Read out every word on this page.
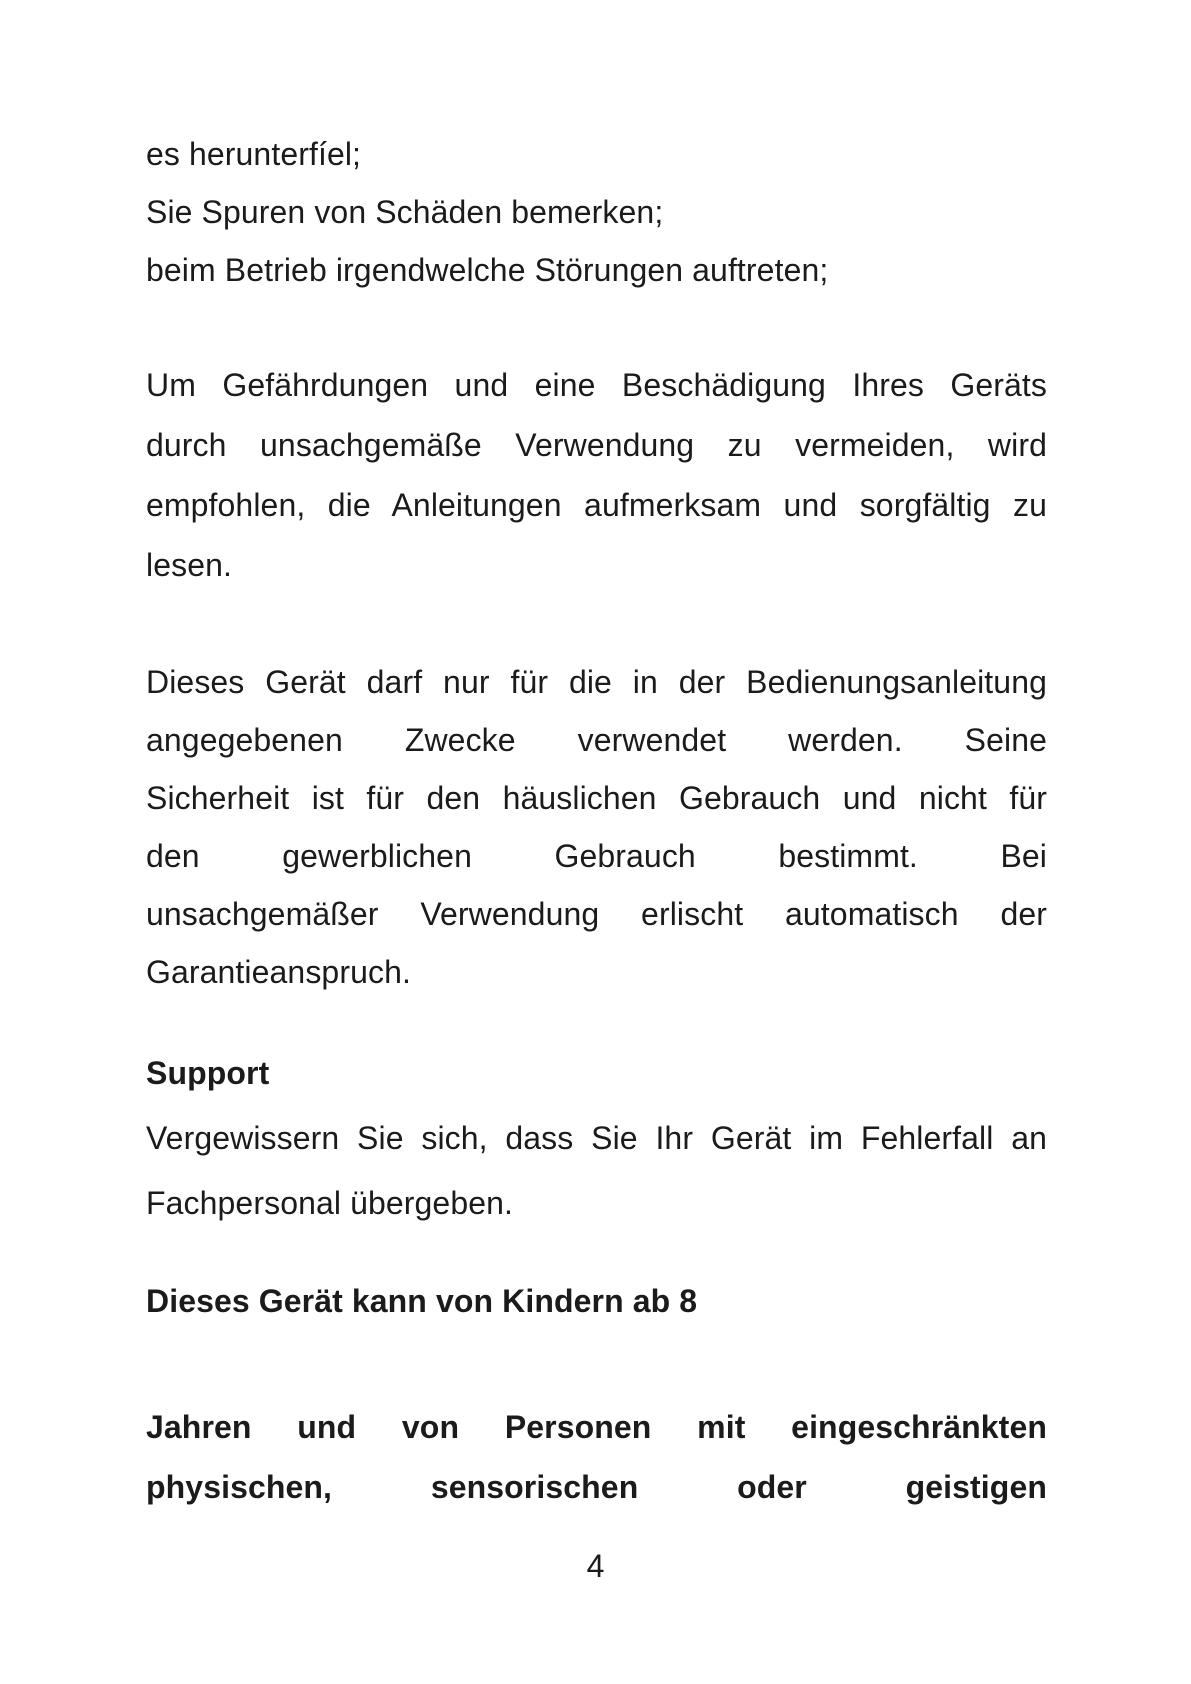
es herunterfíel;
Sie Spuren von Schäden bemerken;
beim Betrieb irgendwelche Störungen auftreten;
Um Gefährdungen und eine Beschädigung Ihres Geräts
durch unsachgemäße Verwendung zu vermeiden, wird
empfohlen, die Anleitungen aufmerksam und sorgfältig zu
lesen.
Dieses Gerät darf nur für die in der Bedienungsanleitung
angegebenen Zwecke verwendet werden. Seine
Sicherheit ist für den häuslichen Gebrauch und nicht für
den gewerblichen Gebrauch bestimmt. Bei
unsachgemäßer Verwendung erlischt automatisch der
Garantieanspruch.
Support
Vergewissern Sie sich, dass Sie Ihr Gerät im Fehlerfall an
Fachpersonal übergeben.
Dieses Gerät kann von Kindern ab 8
Jahren und von Personen mit eingeschränkten
physischen, sensorischen oder geistigen
4
